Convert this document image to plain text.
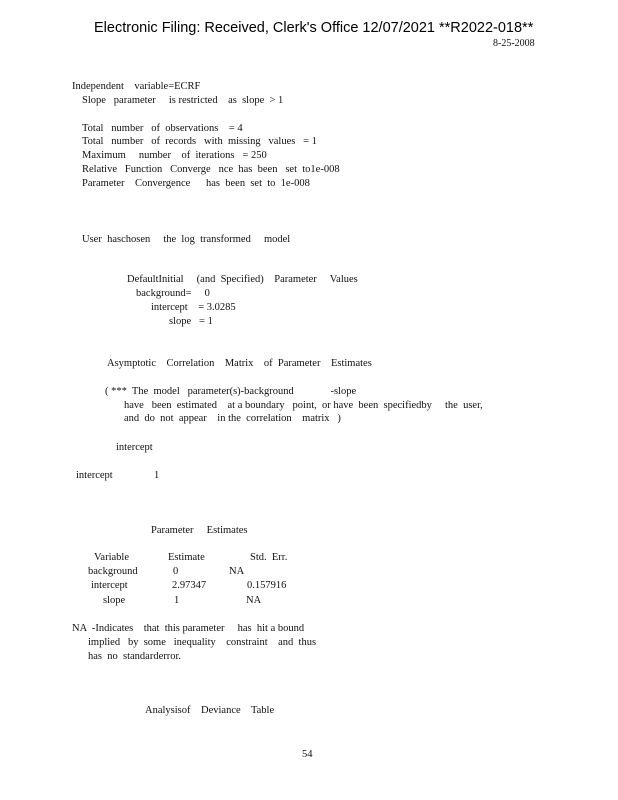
Electronic Filing: Received, Clerk's Office 12/07/2021 **R2022-018**
8-25-2008
Independent    variable=ECRF
Slope   parameter     is restricted    as  slope  > 1
Total   number   of  observations    = 4
Total   number   of  records   with  missing   values   = 1
Maximum     number    of  iterations   = 250
Relative   Function   Converge   nce  has  been   set  to1e-008
Parameter    Convergence      has  been  set  to  1e-008
User  haschosen     the  log  transformed     model
DefaultInitial     (and  Specified)    Parameter     Values
background=     0
intercept    = 3.0285
slope   = 1
Asymptotic    Correlation    Matrix    of  Parameter    Estimates
( ***  The  model   parameter(s)-background              -slope
have   been  estimated    at a boundary   point,  or have  been  specifiedby     the  user,
and  do  not  appear    in the  correlation    matrix   )
intercept
intercept	1
Parameter     Estimates
Variable	Estimate	Std.  Err.
background	0	NA
intercept	2.97347	0.157916
slope	1	NA
NA  -Indicates    that  this parameter     has  hit a bound
implied   by  some   inequality    constraint    and  thus
has  no  standarderror.
Analysisof    Deviance    Table
54
